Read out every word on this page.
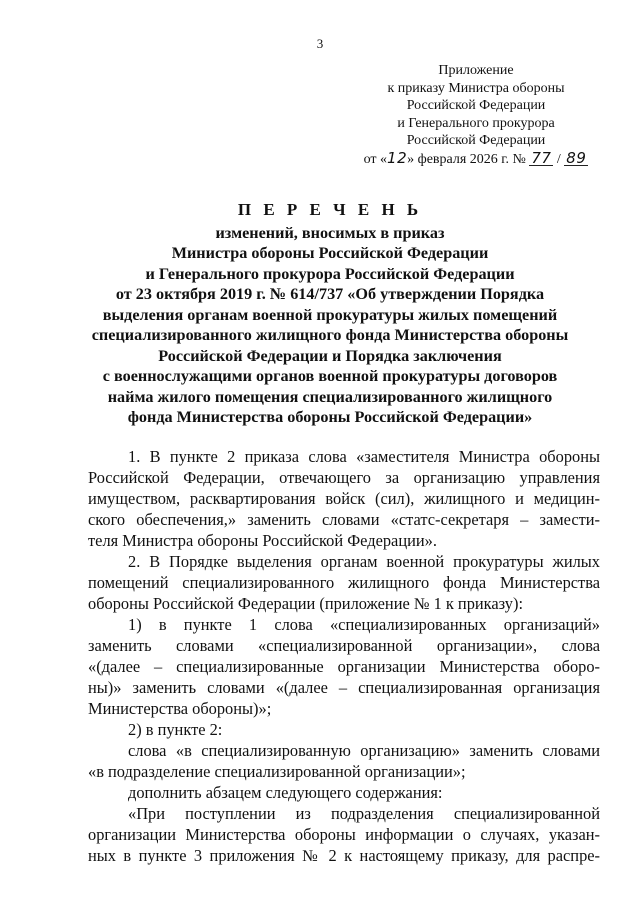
3
Приложение
к приказу Министра обороны
Российской Федерации
и Генерального прокурора
Российской Федерации
от «12» февраля 2026 г. № 77 / 89
П Е Р Е Ч Е Н Ь
изменений, вносимых в приказ
Министра обороны Российской Федерации
и Генерального прокурора Российской Федерации
от 23 октября 2019 г. № 614/737 «Об утверждении Порядка
выделения органам военной прокуратуры жилых помещений
специализированного жилищного фонда Министерства обороны
Российской Федерации и Порядка заключения
с военнослужащими органов военной прокуратуры договоров
найма жилого помещения специализированного жилищного
фонда Министерства обороны Российской Федерации»
1. В пункте 2 приказа слова «заместителя Министра обороны
Российской Федерации, отвечающего за организацию управления
имуществом, расквартирования войск (сил), жилищного и медицин-
ского обеспечения,» заменить словами «статс-секретаря – замести-
теля Министра обороны Российской Федерации».
2. В Порядке выделения органам военной прокуратуры жилых
помещений специализированного жилищного фонда Министерства
обороны Российской Федерации (приложение № 1 к приказу):
1) в пункте 1 слова «специализированных организаций»
заменить словами «специализированной организации», слова
«(далее – специализированные организации Министерства оборо-
ны)» заменить словами «(далее – специализированная организация
Министерства обороны)»;
2) в пункте 2:
слова «в специализированную организацию» заменить словами
«в подразделение специализированной организации»;
дополнить абзацем следующего содержания:
«При поступлении из подразделения специализированной
организации Министерства обороны информации о случаях, указан-
ных в пункте 3 приложения № 2 к настоящему приказу, для распре-
